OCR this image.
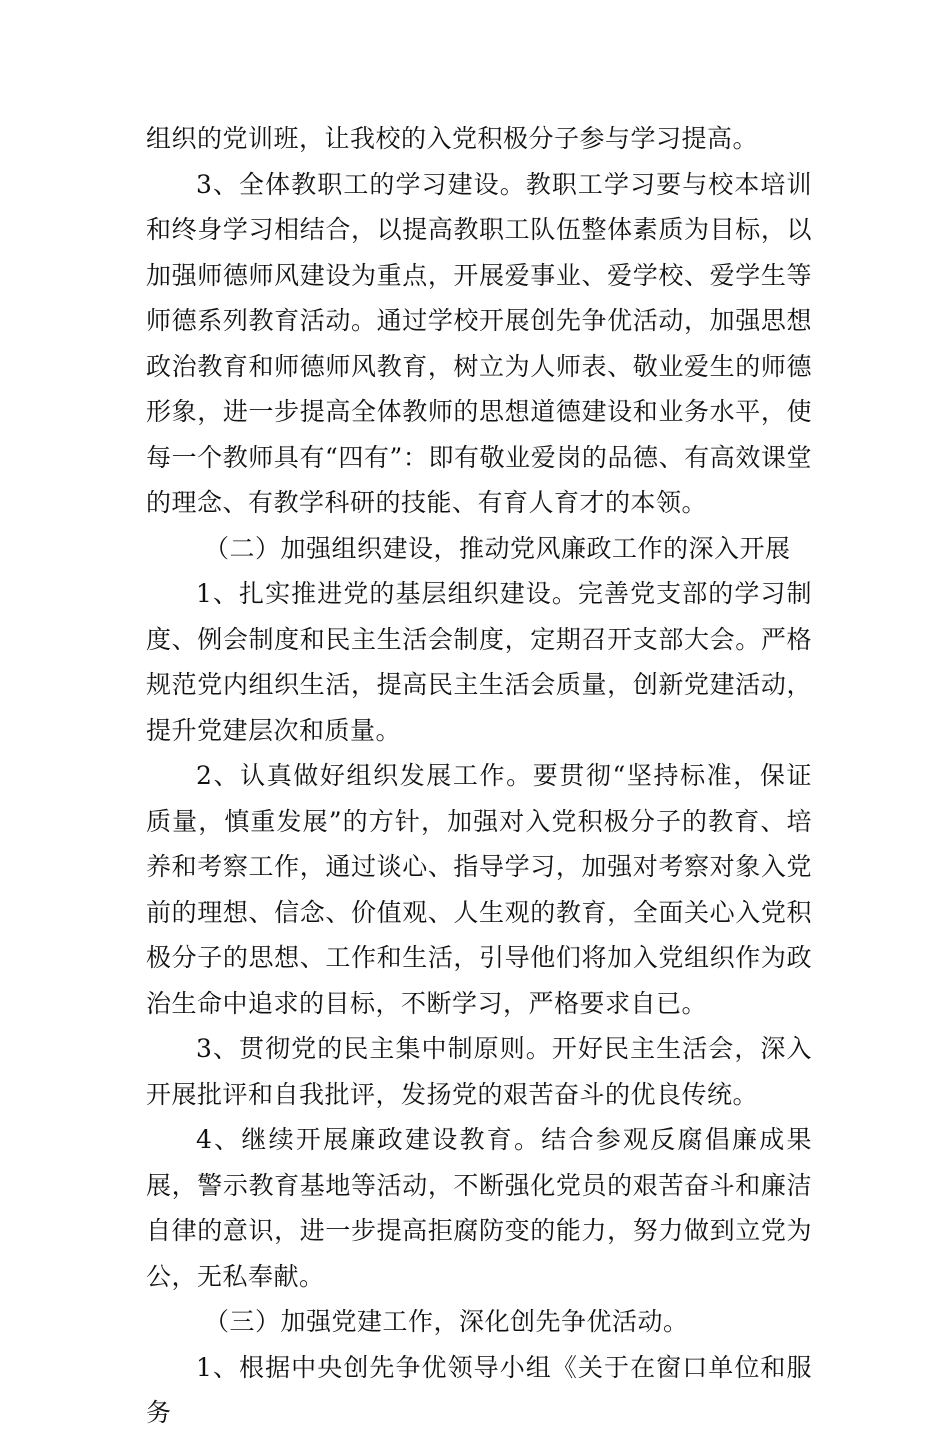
组织的党训班，让我校的入党积极分子参与学习提高。

3、全体教职工的学习建设。教职工学习要与校本培训和终身学习相结合，以提高教职工队伍整体素质为目标，以加强师德师风建设为重点，开展爱事业、爱学校、爱学生等师德系列教育活动。通过学校开展创先争优活动，加强思想政治教育和师德师风教育，树立为人师表、敬业爱生的师德形象，进一步提高全体教师的思想道德建设和业务水平，使每一个教师具有“四有”：即有敬业爱岗的品德、有高效课堂的理念、有教学科研的技能、有育人育才的本领。

（二）加强组织建设，推动党风廉政工作的深入开展

1、扎实推进党的基层组织建设。完善党支部的学习制度、例会制度和民主生活会制度，定期召开支部大会。严格规范党内组织生活，提高民主生活会质量，创新党建活动，提升党建层次和质量。

2、认真做好组织发展工作。要贯彻“坚持标准，保证质量，慎重发展”的方针，加强对入党积极分子的教育、培养和考察工作，通过谈心、指导学习，加强对考察对象入党前的理想、信念、价值观、人生观的教育，全面关心入党积极分子的思想、工作和生活，引导他们将加入党组织作为政治生命中追求的目标，不断学习，严格要求自已。

3、贯彻党的民主集中制原则。开好民主生活会，深入开展批评和自我批评，发扬党的艰苦奋斗的优良传统。

4、继续开展廉政建设教育。结合参观反腐倡廉成果展，警示教育基地等活动，不断强化党员的艰苦奋斗和廉洁自律的意识，进一步提高拒腐防变的能力，努力做到立党为公，无私奉献。

（三）加强党建工作，深化创先争优活动。

1、根据中央创先争优领导小组《关于在窗口单位和服务
